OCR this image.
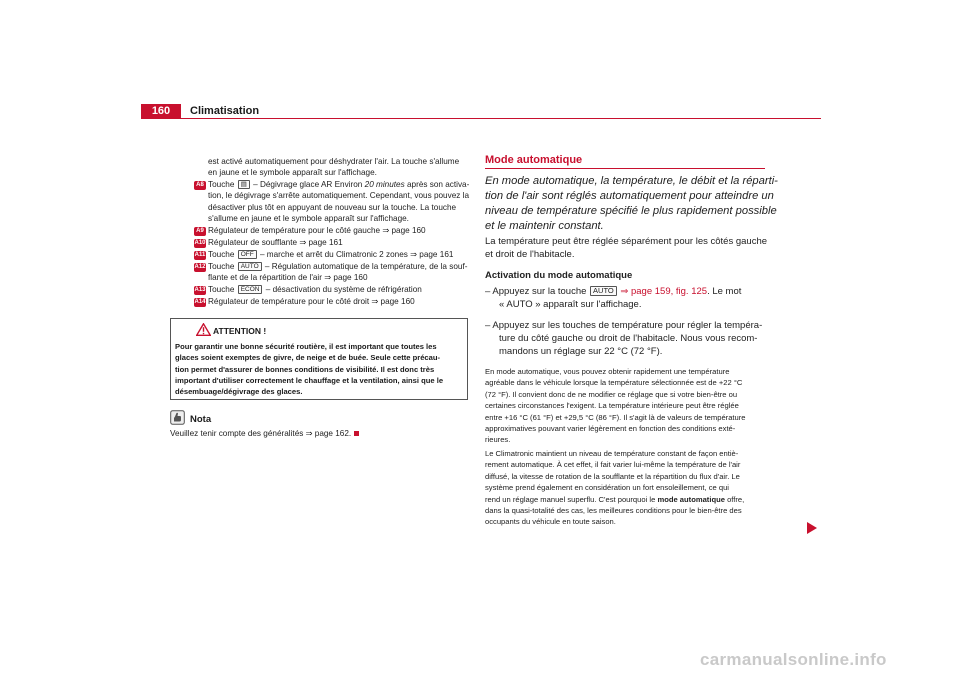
160	Climatisation
est activé automatiquement pour déshydrater l'air. La touche s'allume
en jaune et le symbole apparaît sur l'affichage.
A8 Touche ▤ – Dégivrage glace AR Environ 20 minutes après son activa-
tion, le dégivrage s'arrête automatiquement. Cependant, vous pouvez la
désactiver plus tôt en appuyant de nouveau sur la touche. La touche
s'allume en jaune et le symbole apparaît sur l'affichage.
A9 Régulateur de température pour le côté gauche ⇒ page 160
A10 Régulateur de soufflante ⇒ page 161
A11 Touche OFF – marche et arrêt du Climatronic 2 zones ⇒ page 161
A12 Touche AUTO – Régulation automatique de la température, de la souf-
flante et de la répartition de l'air ⇒ page 160
A13 Touche ECON – désactivation du système de réfrigération
A14 Régulateur de température pour le côté droit ⇒ page 160
ATTENTION !
Pour garantir une bonne sécurité routière, il est important que toutes les
glaces soient exemptes de givre, de neige et de buée. Seule cette précau-
tion permet d'assurer de bonnes conditions de visibilité. Il est donc très
important d'utiliser correctement le chauffage et la ventilation, ainsi que le
désembuage/dégivrage des glaces.
Nota
Veuillez tenir compte des généralités ⇒ page 162.
Mode automatique
En mode automatique, la température, le débit et la réparti-
tion de l'air sont réglés automatiquement pour atteindre un
niveau de température spécifié le plus rapidement possible
et le maintenir constant.
La température peut être réglée séparément pour les côtés gauche
et droit de l'habitacle.
Activation du mode automatique
– Appuyez sur la touche AUTO ⇒ page 159, fig. 125. Le mot
« AUTO » apparaît sur l'affichage.
– Appuyez sur les touches de température pour régler la tempéra-
ture du côté gauche ou droit de l'habitacle. Nous vous recom-
mandons un réglage sur 22 °C (72 °F).
En mode automatique, vous pouvez obtenir rapidement une température
agréable dans le véhicule lorsque la température sélectionnée est de +22 °C
(72 °F). Il convient donc de ne modifier ce réglage que si votre bien-être ou
certaines circonstances l'exigent. La température intérieure peut être réglée
entre +16 °C (61 °F) et +29,5 °C (86 °F). Il s'agit là de valeurs de température
approximatives pouvant varier légèrement en fonction des conditions exté-
rieures.
Le Climatronic maintient un niveau de température constant de façon entiè-
rement automatique. À cet effet, il fait varier lui-même la température de l'air
diffusé, la vitesse de rotation de la soufflante et la répartition du flux d'air. Le
système prend également en considération un fort ensoleillement, ce qui
rend un réglage manuel superflu. C'est pourquoi le mode automatique offre,
dans la quasi-totalité des cas, les meilleures conditions pour le bien-être des
occupants du véhicule en toute saison.
carmanualsonline.info
